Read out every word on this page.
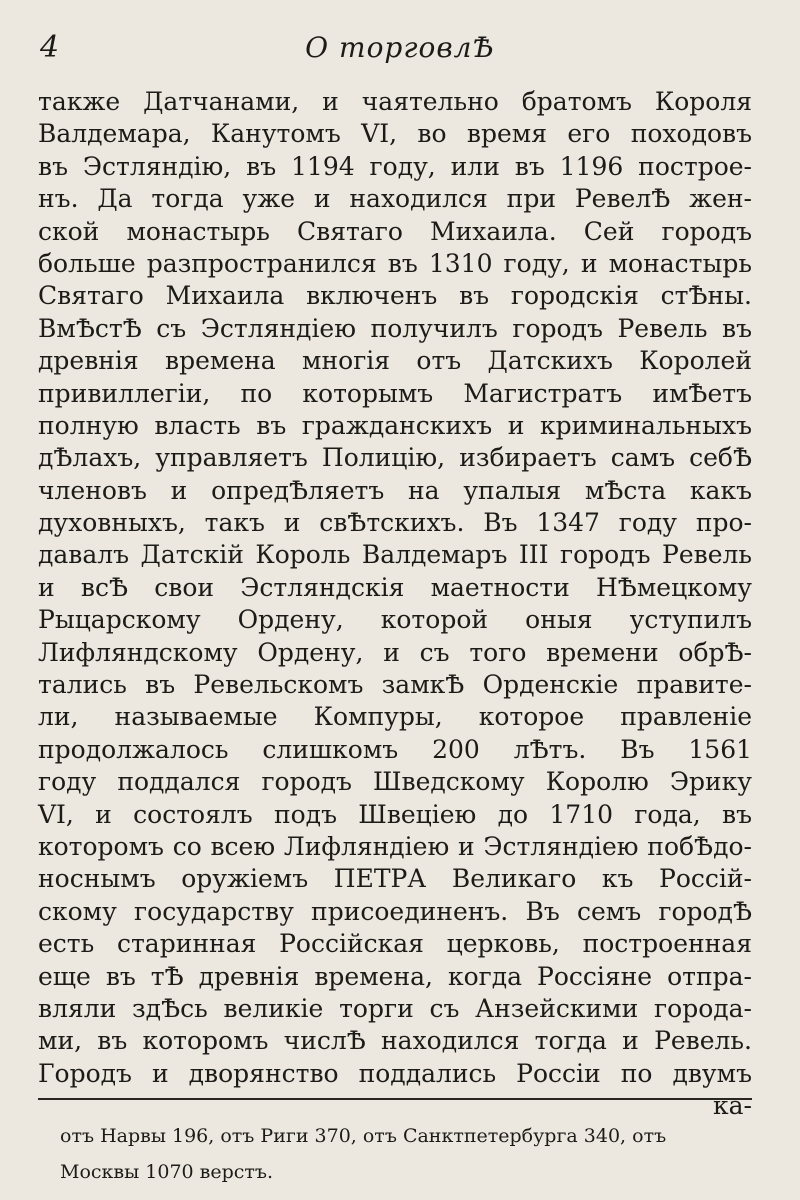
4	О торговлѢ
также Датчанами, и чаятельно братомъ Короля
Валдемара, Канутомъ VI, во время его походовъ
въ Эстляндію, въ 1194 году, или въ 1196 построе-
нъ. Да тогда уже и находился при РевелѢ жен-
ской монастырь Святаго Михаила. Сей городъ
больше разпространился въ 1310 году, и монастырь
Святаго Михаила включенъ въ городскія стѢны.
ВмѢстѢ съ Эстляндіею получилъ городъ Ревель въ
древнія времена многія отъ Датскихъ Королей
привиллегіи, по которымъ Магистратъ имѢетъ
полную власть въ гражданскихъ и криминальныхъ
дѢлахъ, управляетъ Полицію, избираетъ самъ себѢ
членовъ и опредѢляетъ на упалыя мѢста какъ
духовныхъ, такъ и свѢтскихъ. Въ 1347 году про-
давалъ Датскій Король Валдемаръ III городъ Ревель
и всѢ свои Эстляндскія маетности НѢмецкому
Рыцарскому Ордену, которой оныя уступилъ
Лифляндскому Ордену, и съ того времени обрѢ-
тались въ Ревельскомъ замкѢ Орденскіе правите-
ли, называемые Компуры, которое правленіе
продолжалось слишкомъ 200 лѢтъ. Въ 1561
году поддался городъ Шведскому Королю Эрику
VI, и состоялъ подъ Швеціею до 1710 года, въ
которомъ со всею Лифляндіею и Эстляндіею побѢдо-
носнымъ оружіемъ ПЕТРА Великаго къ Россій-
скому государству присоединенъ. Въ семъ городѢ
есть старинная Россійская церковь, построенная
еще въ тѢ древнія времена, когда Россіяне отпра-
вляли здѢсь великіе торги съ Анзейскими города-
ми, въ которомъ числѢ находился тогда и Ревель.
Городъ и дворянство поддались Россіи по двумъ
ка-
отъ Нарвы 196, отъ Риги 370, отъ Санктпетербурга 340, отъ
Москвы 1070 верстъ.
